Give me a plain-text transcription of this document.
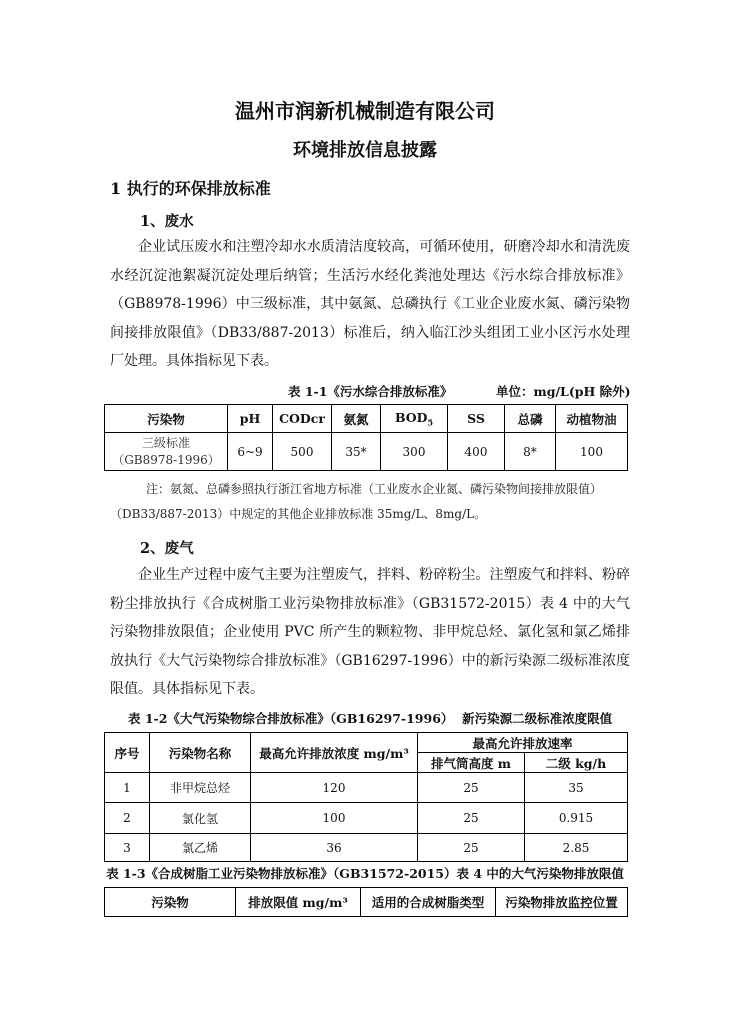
温州市润新机械制造有限公司
环境排放信息披露
1 执行的环保排放标准
1、废水
企业试压废水和注塑冷却水水质清洁度较高，可循环使用，研磨冷却水和清洗废水经沉淀池絮凝沉淀处理后纳管；生活污水经化粪池处理达《污水综合排放标准》（GB8978-1996）中三级标准，其中氨氮、总磷执行《工业企业废水氮、磷污染物间接排放限值》（DB33/887-2013）标准后，纳入临江沙头组团工业小区污水处理厂处理。具体指标见下表。
表 1-1《污水综合排放标准》	单位：mg/L(pH 除外)
污染物	pH	CODcr	氨氮	$BOD_5$	SS	总磷	动植物油

三级标准
（GB8978-1996）	6~9	500	35*	300	400	8*	100
注：氨氮、总磷参照执行浙江省地方标准（工业废水企业氮、磷污染物间接排放限值）（DB33/887-2013）中规定的其他企业排放标准 35mg/L、8mg/L。
2、废气
企业生产过程中废气主要为注塑废气，拌料、粉碎粉尘。注塑废气和拌料、粉碎粉尘排放执行《合成树脂工业污染物排放标准》（GB31572-2015）表 4 中的大气污染物排放限值；企业使用 PVC 所产生的颗粒物、非甲烷总烃、氯化氢和氯乙烯排放执行《大气污染物综合排放标准》（GB16297-1996）中的新污染源二级标准浓度限值。具体指标见下表。
表 1-2《大气污染物综合排放标准》（GB16297-1996）  新污染源二级标准浓度限值
序号	污染物名称	最高允许排放浓度 mg/m³	最高允许排放速率	
			排气筒高度 m	二级 kg/h
1	非甲烷总烃	120	25	35
2	氯化氢	100	25	0.915
3	氯乙烯	36	25	2.85
表 1-3《合成树脂工业污染物排放标准》（GB31572-2015）表 4 中的大气污染物排放限值
污染物	排放限值 mg/m³	适用的合成树脂类型	污染物排放监控位置
